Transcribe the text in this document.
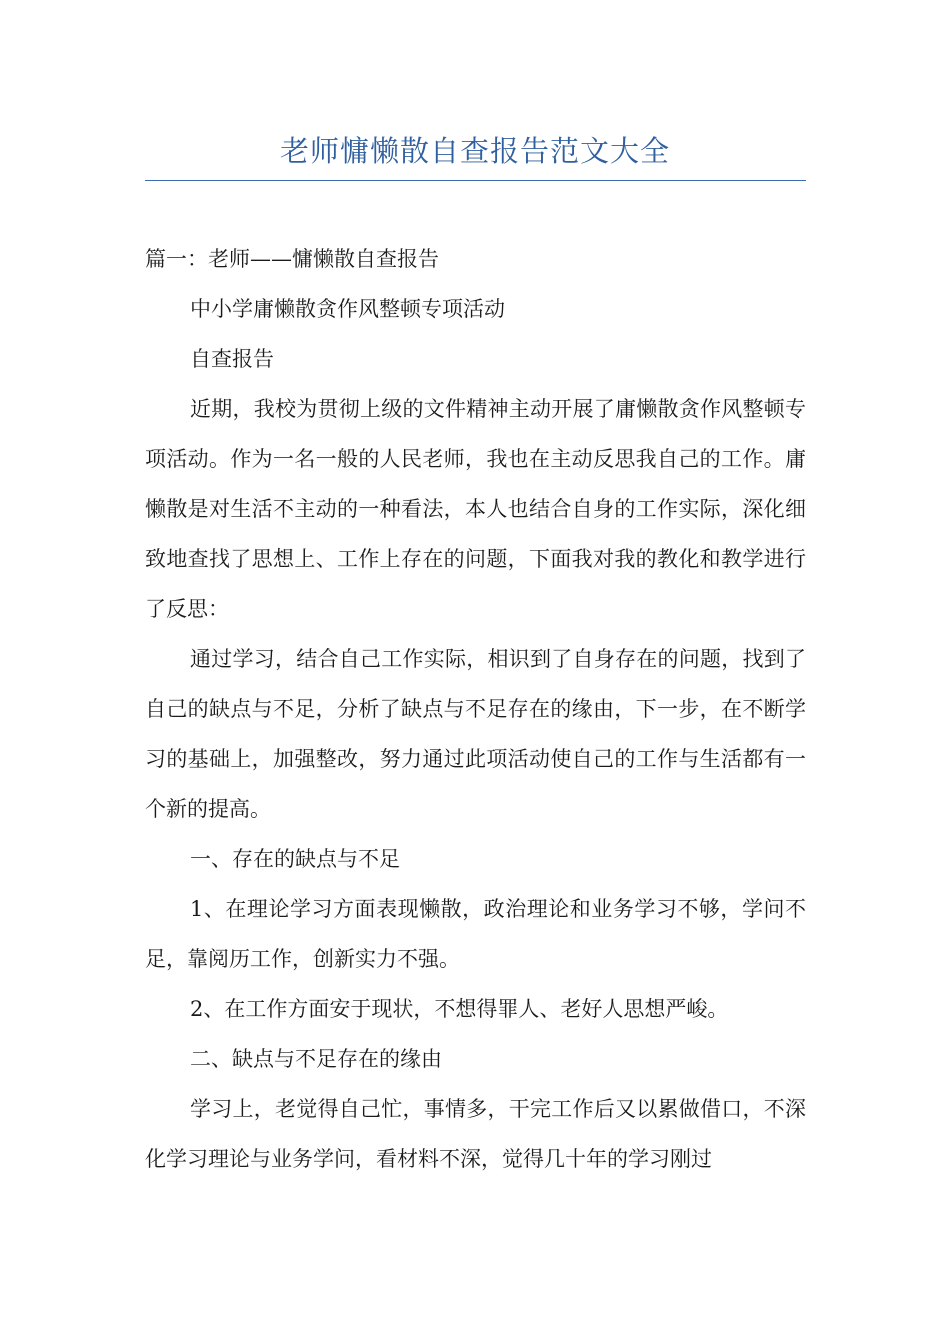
老师慵懒散自查报告范文大全

篇一：老师——慵懒散自查报告

中小学庸懒散贪作风整顿专项活动

自查报告

近期，我校为贯彻上级的文件精神主动开展了庸懒散贪作风整顿专项活动。作为一名一般的人民老师，我也在主动反思我自己的工作。庸懒散是对生活不主动的一种看法，本人也结合自身的工作实际，深化细致地查找了思想上、工作上存在的问题，下面我对我的教化和教学进行了反思：

通过学习，结合自己工作实际，相识到了自身存在的问题，找到了自己的缺点与不足，分析了缺点与不足存在的缘由，下一步，在不断学习的基础上，加强整改，努力通过此项活动使自己的工作与生活都有一个新的提高。

一、存在的缺点与不足

1、在理论学习方面表现懒散，政治理论和业务学习不够，学问不足，靠阅历工作，创新实力不强。

2、在工作方面安于现状，不想得罪人、老好人思想严峻。

二、缺点与不足存在的缘由

学习上，老觉得自己忙，事情多，干完工作后又以累做借口，不深化学习理论与业务学问，看材料不深，觉得几十年的学习刚过
